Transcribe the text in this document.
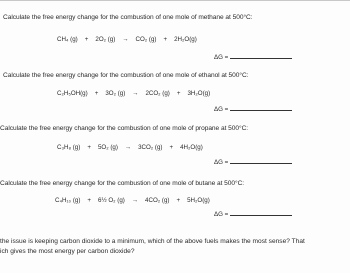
Calculate the free energy change for the combustion of one mole of methane at 500°C:
CH₄ (g) + 2O₂ (g) → CO₂ (g) + 2H₂O(g)
ΔG =
Calculate the free energy change for the combustion of one mole of ethanol at 500°C:
C₂H₅OH(g) + 3O₂ (g) → 2CO₂ (g) + 3H₂O(g)
ΔG =
Calculate the free energy change for the combustion of one mole of propane at 500°C:
C₃H₈ (g) + 5O₂ (g) → 3CO₂ (g) + 4H₂O(g)
ΔG =
Calculate the free energy change for the combustion of one mole of butane at 500°C:
C₄H₁₀ (g) + 6½ O₂ (g) → 4CO₂ (g) + 5H₂O(g)
ΔG =
the issue is keeping carbon dioxide to a minimum, which of the above fuels makes the most sense? That
ich gives the most energy per carbon dioxide?
